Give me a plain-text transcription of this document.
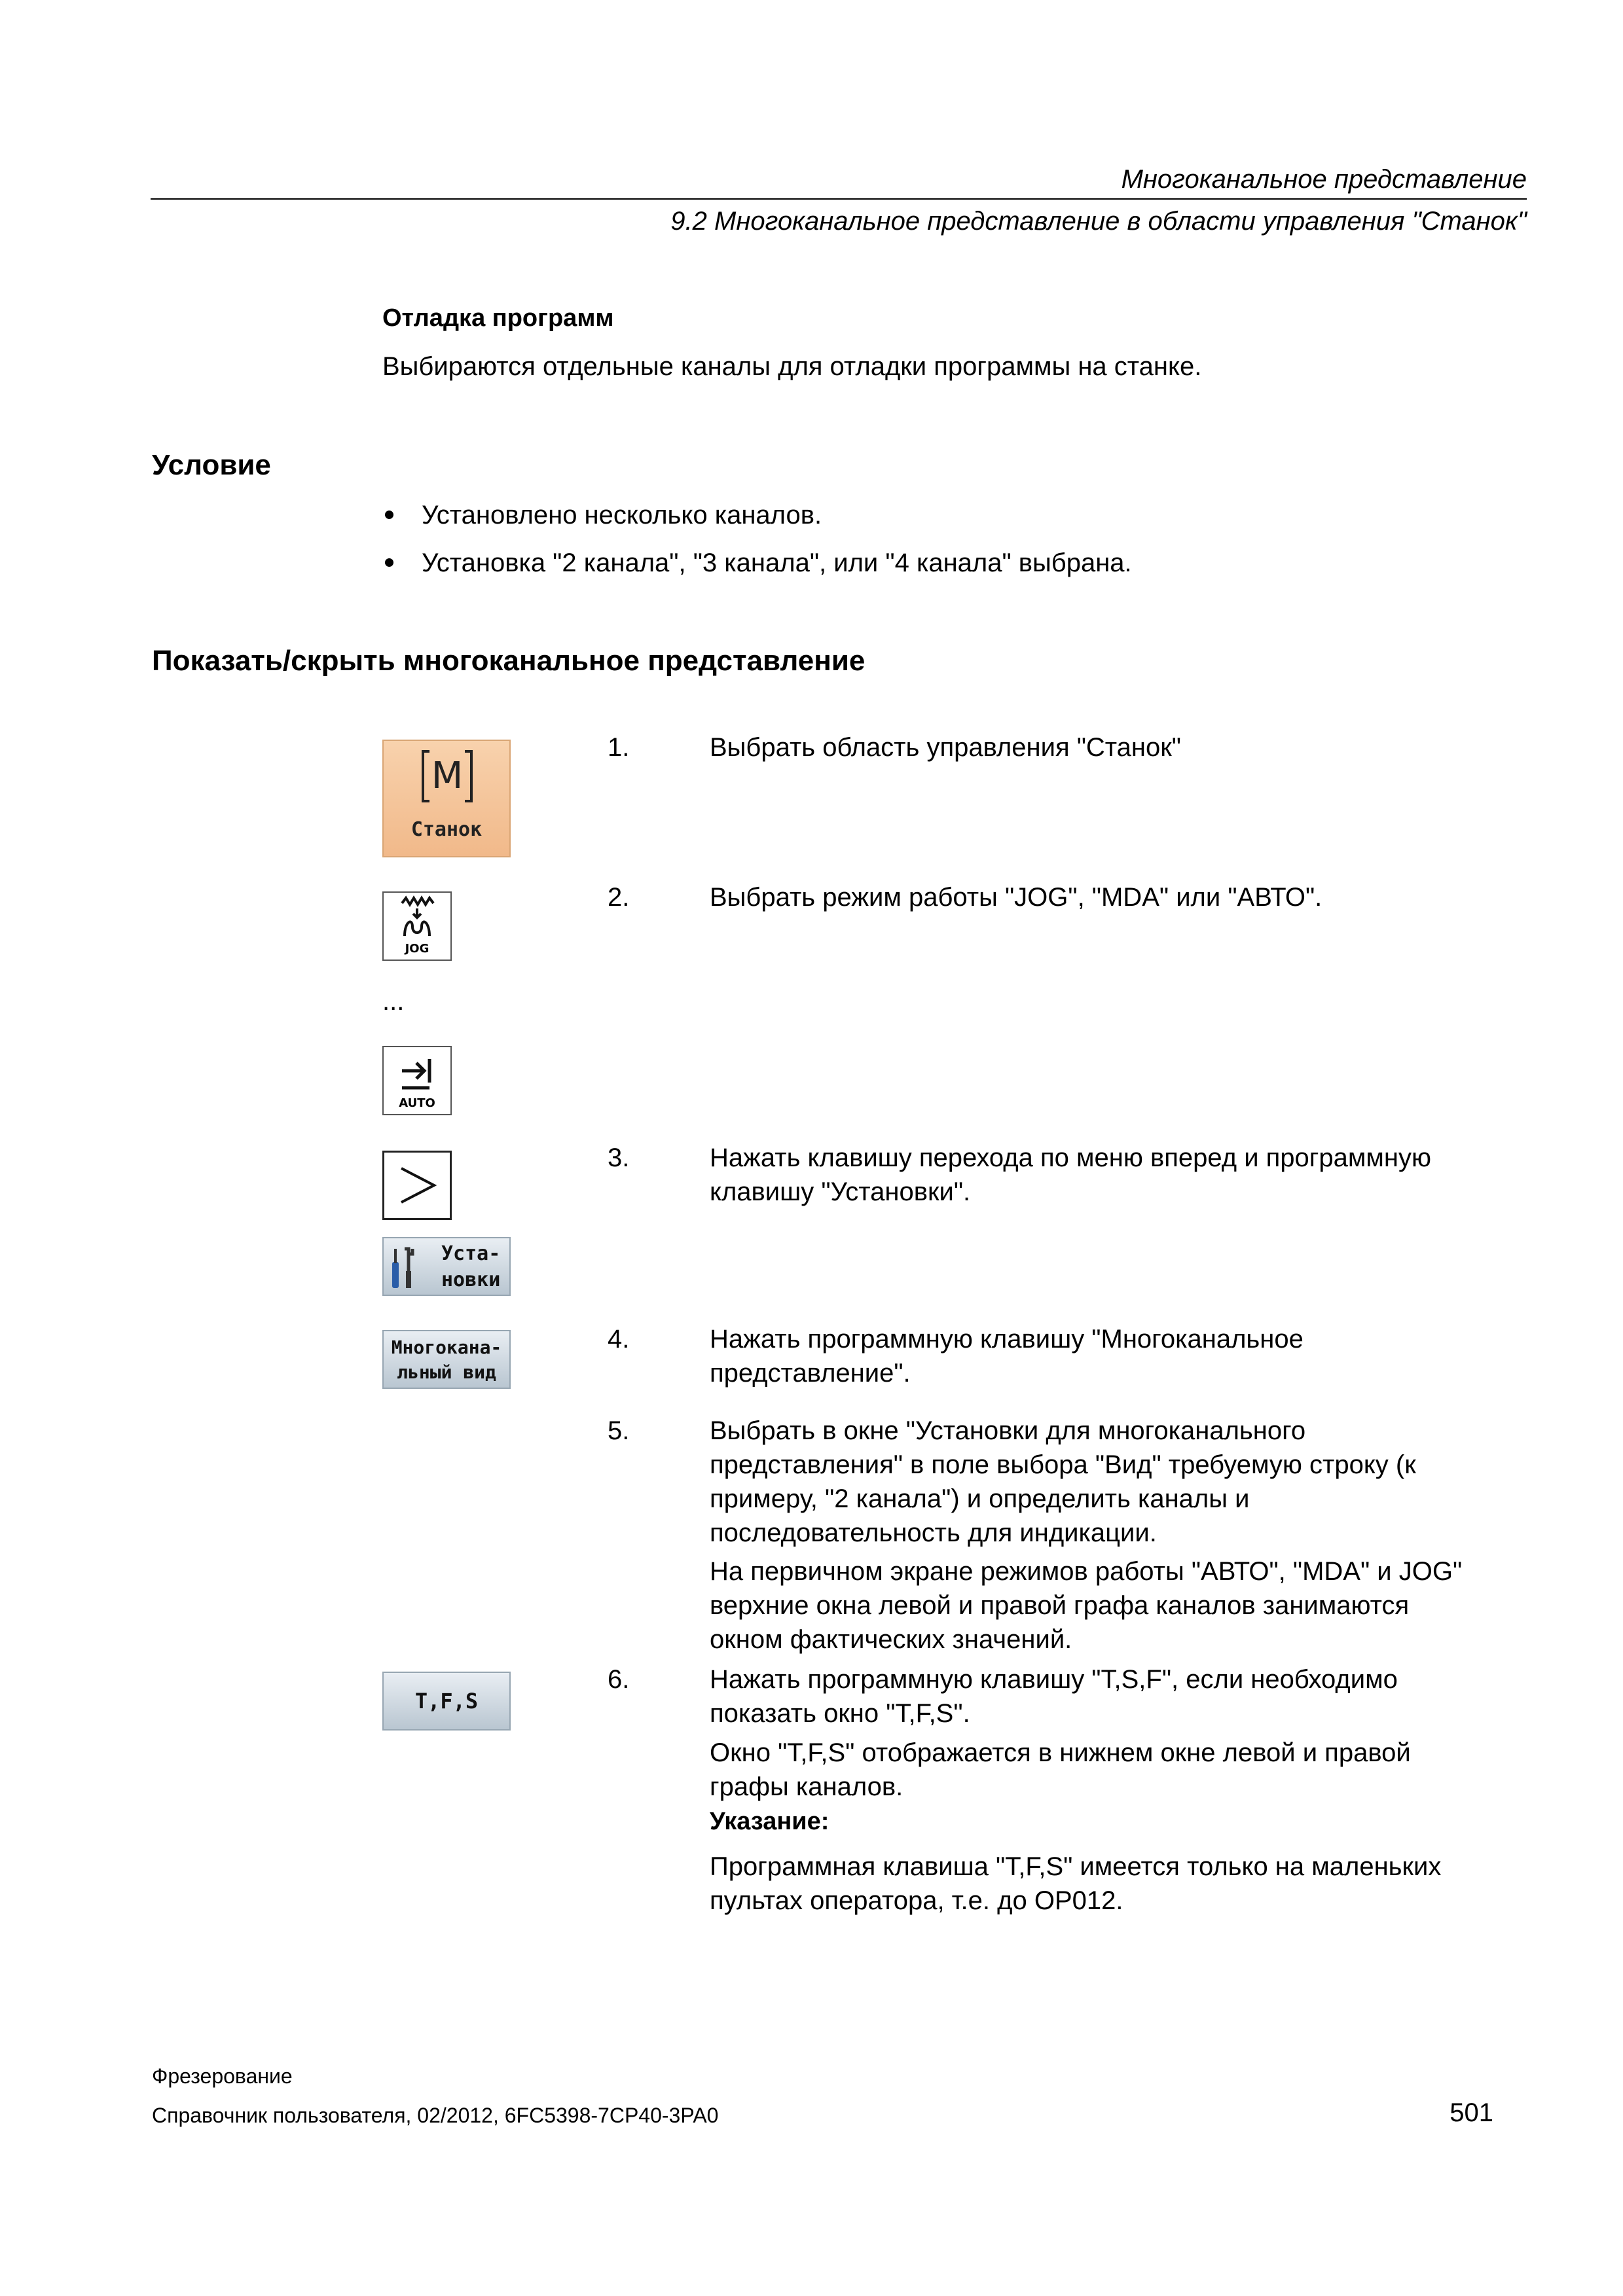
Многоканальное представление
9.2 Многоканальное представление в области управления "Станок"
Отладка программ
Выбираются отдельные каналы для отладки программы на станке.
Условие
Установлено несколько каналов.
Установка "2 канала", "3 канала", или "4 канала" выбрана.
Показать/скрыть многоканальное представление
M
Станок
JOG
...
AUTO
Уста-
новки
Многокана-
льный вид
T,F,S
1.	Выбрать область управления "Станок"
2.	Выбрать режим работы "JOG", "MDA" или "АВТО".
3.	Нажать клавишу перехода по меню вперед и программную
клавишу "Установки".
4.	Нажать программную клавишу "Многоканальное
представление".
5.	Выбрать в окне "Установки для многоканального
представления" в поле выбора "Вид" требуемую строку (к
примеру, "2 канала") и определить каналы и
последовательность для индикации.
На первичном экране режимов работы "АВТО", "MDA" и JOG"
верхние окна левой и правой графа каналов занимаются
окном фактических значений.
6.	Нажать программную клавишу "T,S,F", если необходимо
показать окно "T,F,S".
Окно "T,F,S" отображается в нижнем окне левой и правой
графы каналов.
Указание:
Программная клавиша "T,F,S" имеется только на маленьких
пультах оператора, т.е. до OP012.
Фрезерование
Справочник пользователя, 02/2012, 6FC5398-7CP40-3PA0	501
